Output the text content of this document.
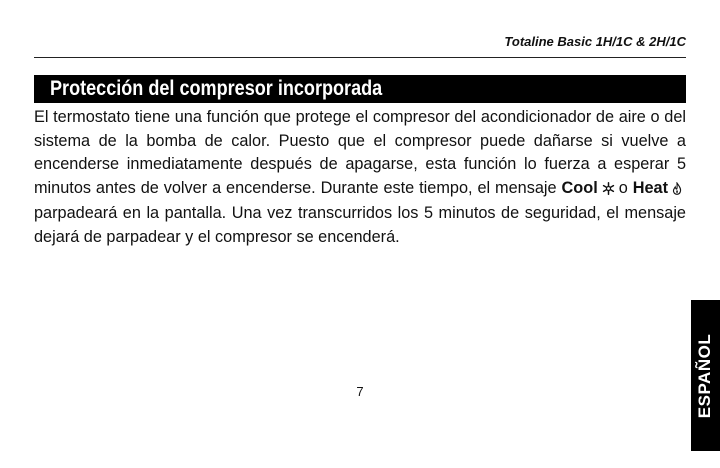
Totaline Basic 1H/1C & 2H/1C
Protección del compresor incorporada

El termostato tiene una función que protege el compresor del acondicionador de aire o del sistema de la bomba de calor. Puesto que el compresor puede dañarse si vuelve a encenderse inmediatamente después de apagarse, esta función lo fuerza a esperar 5 minutos antes de volver a encenderse. Durante este tiempo, el mensaje Cool o Heatparpadeará en la pantalla. Una vez transcurridos los 5 minutos de seguridad, el mensaje dejará de parpadear y el compresor se encenderá.

ESPAÑOL
7
